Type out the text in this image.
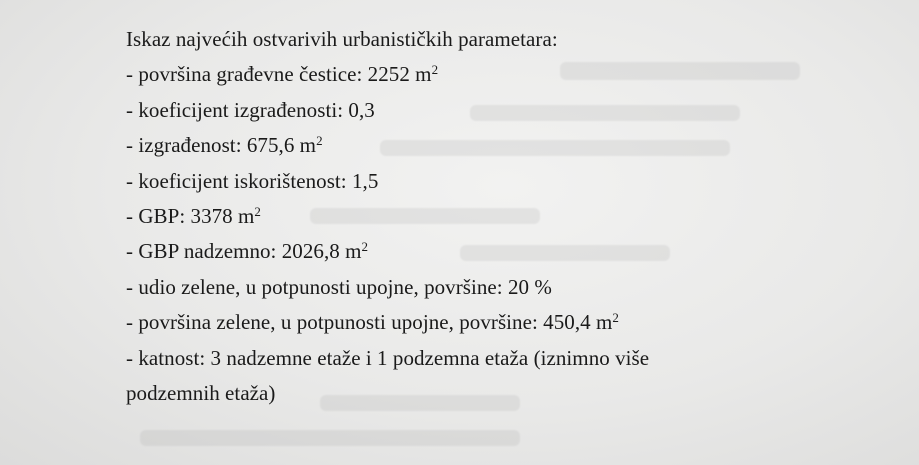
Iskaz najvećih ostvarivih urbanističkih parametara:
- površina građevne čestice: 2252 $m^2$
- koeficijent izgrađenosti: 0,3
- izgrađenost: 675,6 $m^2$
- koeficijent iskorištenost: 1,5
- GBP: 3378 $m^2$
- GBP nadzemno: 2026,8 $m^2$
- udio zelene, u potpunosti upojne, površine: 20 %
- površina zelene, u potpunosti upojne, površine: 450,4 $m^2$
- katnost: 3 nadzemne etaže i 1 podzemna etaža (iznimno više
podzemnih etaža)
